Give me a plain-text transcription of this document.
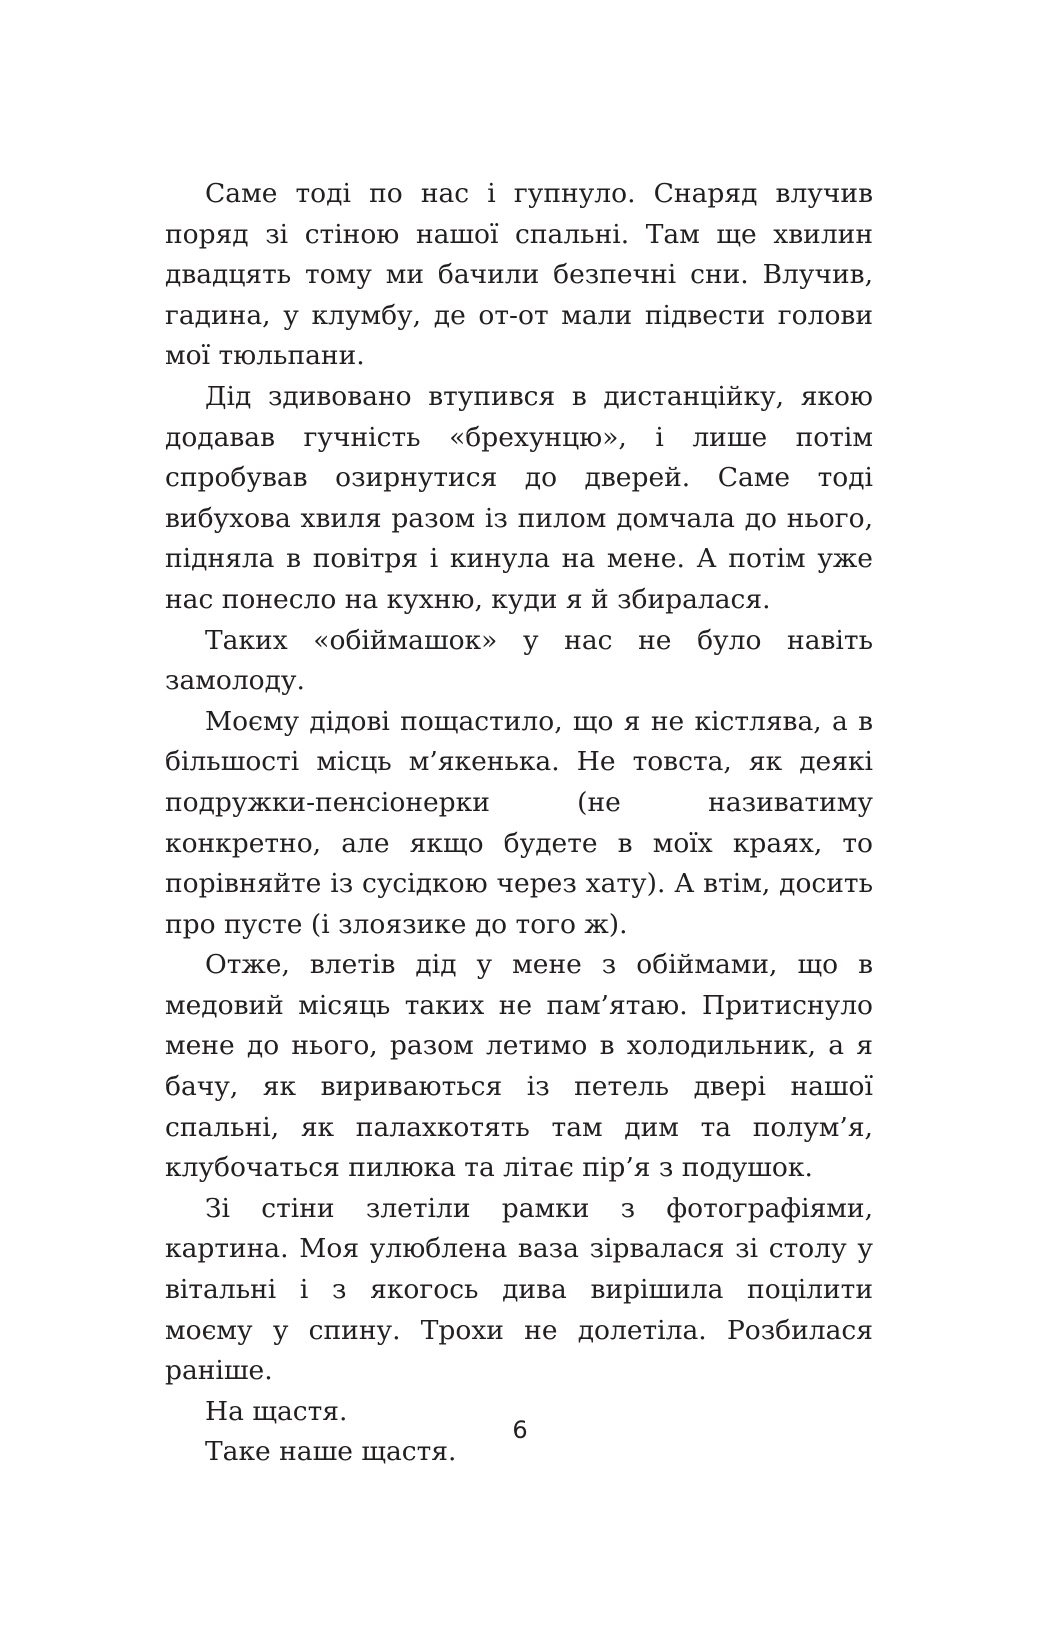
Саме тоді по нас і гупнуло. Снаряд влучив поряд зі стіною нашої спальні. Там ще хвилин двадцять тому ми бачили безпечні сни. Влучив, гадина, у клумбу, де от-от мали підвести голови мої тюльпани.

Дід здивовано втупився в дистанційку, якою додавав гучність «брехунцю», і лише потім спробував озирнутися до дверей. Саме тоді вибухова хвиля разом із пилом домчала до нього, підняла в повітря і кинула на мене. А потім уже нас понесло на кухню, куди я й збиралася.

Таких «обіймашок» у нас не було навіть замолоду.

Моєму дідові пощастило, що я не кістлява, а в більшості місць м’якенька. Не товста, як деякі подружки-пенсіонерки (не називатиму конкретно, але якщо будете в моїх краях, то порівняйте із сусідкою через хату). А втім, досить про пусте (і злоязике до того ж).

Отже, влетів дід у мене з обіймами, що в медовий місяць таких не пам’ятаю. Притиснуло мене до нього, разом летимо в холодильник, а я бачу, як вириваються із петель двері нашої спальні, як палахкотять там дим та полум’я, клубочаться пилюка та літає пір’я з подушок.

Зі стіни злетіли рамки з фотографіями, картина. Моя улюблена ваза зірвалася зі столу у вітальні і з якогось дива вирішила поцілити моєму у спину. Трохи не долетіла. Розбилася раніше.

На щастя.

Таке наше щастя.

6
